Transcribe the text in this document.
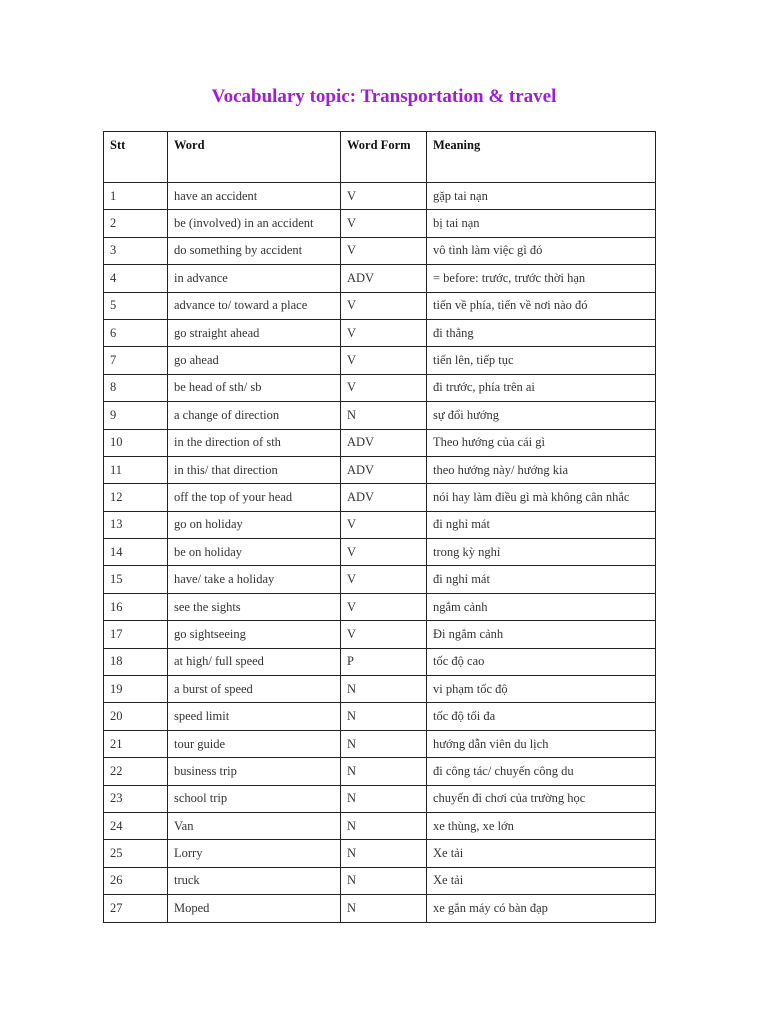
Vocabulary topic: Transportation & travel
Stt	Word	Word Form	Meaning
1	have an accident	V	gặp tai nạn
2	be (involved) in an accident	V	bị tai nạn
3	do something by accident	V	vô tình làm việc gì đó
4	in advance	ADV	= before: trước, trước thời hạn
5	advance to/ toward a place	V	tiến về phía, tiến về nơi nào đó
6	go straight ahead	V	đi thẳng
7	go ahead	V	tiến lên, tiếp tục
8	be head of sth/ sb	V	đi trước, phía trên ai
9	a change of direction	N	sự đổi hướng
10	in the direction of sth	ADV	Theo hướng của cái gì
11	in this/ that direction	ADV	theo hướng này/ hướng kia
12	off the top of your head	ADV	nói hay làm điều gì mà không cân nhắc
13	go on holiday	V	đi nghỉ mát
14	be on holiday	V	trong kỳ nghỉ
15	have/ take a holiday	V	đi nghỉ mát
16	see the sights	V	ngắm cảnh
17	go sightseeing	V	Đi ngắm cảnh
18	at high/ full speed	P	tốc độ cao
19	a burst of speed	N	vi phạm tốc độ
20	speed limit	N	tốc độ tối đa
21	tour guide	N	hướng dẫn viên du lịch
22	business trip	N	đi công tác/ chuyến công du
23	school trip	N	chuyến đi chơi của trường học
24	Van	N	xe thùng, xe lớn
25	Lorry	N	Xe tải
26	truck	N	Xe tải
27	Moped	N	xe gắn máy có bàn đạp
